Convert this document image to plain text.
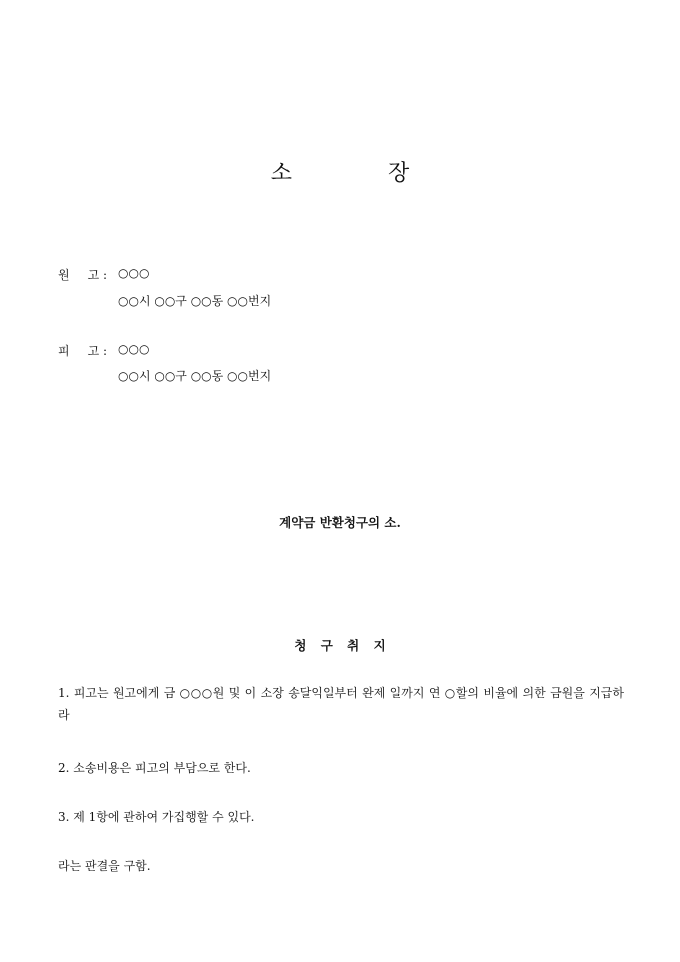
소	장
원 고 : ○○○
○○시 ○○구 ○○동 ○○번지
피 고 : ○○○
○○시 ○○구 ○○동 ○○번지
계약금 반환청구의 소.
청 구 취 지
1. 피고는 원고에게 금 ○○○원 및 이 소장 송달익일부터 완제 일까지 연 ○할의 비율에 의한 금원을 지급하라
2. 소송비용은 피고의 부담으로 한다.
3. 제 1항에 관하여 가집행할 수 있다.
라는 판결을 구함.
